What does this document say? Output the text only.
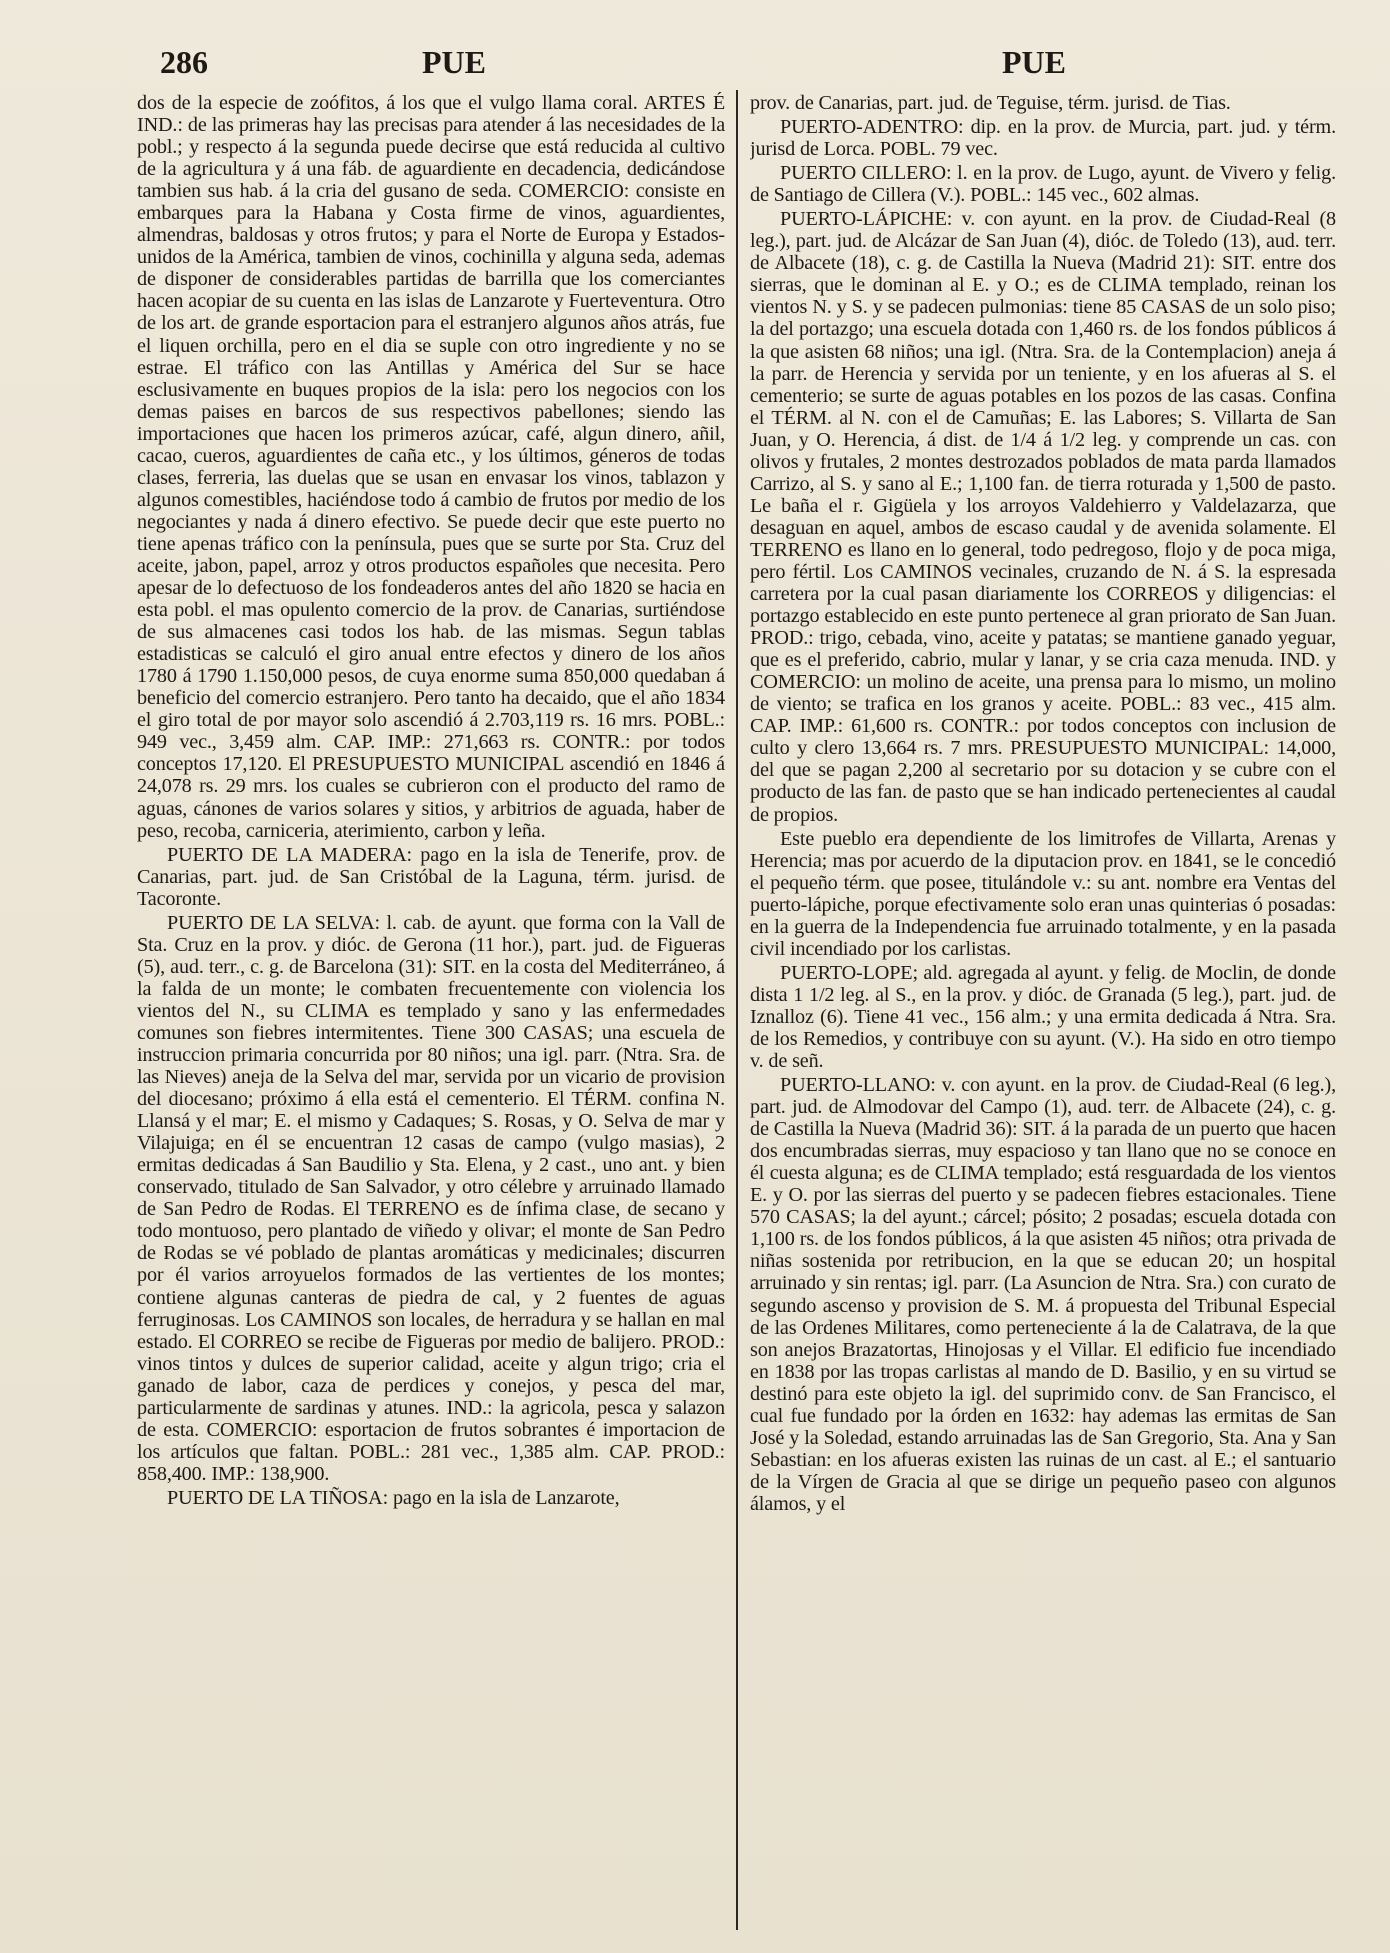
286	PUE	PUE

dos de la especie de zoófitos, á los que el vulgo llama coral. ARTES É IND.: de las primeras hay las precisas para atender á las necesidades de la pobl.; y respecto á la segunda puede decirse que está reducida al cultivo de la agricultura y á una fáb. de aguardiente en decadencia, dedicándose tambien sus hab. á la cria del gusano de seda. COMERCIO: consiste en embarques para la Habana y Costa firme de vinos, aguardientes, almendras, baldosas y otros frutos; y para el Norte de Europa y Estados-unidos de la América, tambien de vinos, cochinilla y alguna seda, ademas de disponer de considerables partidas de barrilla que los comerciantes hacen acopiar de su cuenta en las islas de Lanzarote y Fuerteventura. Otro de los art. de grande esportacion para el estranjero algunos años atrás, fue el liquen orchilla, pero en el dia se suple con otro ingrediente y no se estrae. El tráfico con las Antillas y América del Sur se hace esclusivamente en buques propios de la isla: pero los negocios con los demas paises en barcos de sus respectivos pabellones; siendo las importaciones que hacen los primeros azúcar, café, algun dinero, añil, cacao, cueros, aguardientes de caña etc., y los últimos, géneros de todas clases, ferreria, las duelas que se usan en envasar los vinos, tablazon y algunos comestibles, haciéndose todo á cambio de frutos por medio de los negociantes y nada á dinero efectivo. Se puede decir que este puerto no tiene apenas tráfico con la península, pues que se surte por Sta. Cruz del aceite, jabon, papel, arroz y otros productos españoles que necesita. Pero apesar de lo defectuoso de los fondeaderos antes del año 1820 se hacia en esta pobl. el mas opulento comercio de la prov. de Canarias, surtiéndose de sus almacenes casi todos los hab. de las mismas. Segun tablas estadisticas se calculó el giro anual entre efectos y dinero de los años 1780 á 1790 1.150,000 pesos, de cuya enorme suma 850,000 quedaban á beneficio del comercio estranjero. Pero tanto ha decaido, que el año 1834 el giro total de por mayor solo ascendió á 2.703,119 rs. 16 mrs. POBL.: 949 vec., 3,459 alm. CAP. IMP.: 271,663 rs. CONTR.: por todos conceptos 17,120. El PRESUPUESTO MUNICIPAL ascendió en 1846 á 24,078 rs. 29 mrs. los cuales se cubrieron con el producto del ramo de aguas, cánones de varios solares y sitios, y arbitrios de aguada, haber de peso, recoba, carniceria, aterimiento, carbon y leña.

PUERTO DE LA MADERA: pago en la isla de Tenerife, prov. de Canarias, part. jud. de San Cristóbal de la Laguna, térm. jurisd. de Tacoronte.

PUERTO DE LA SELVA: l. cab. de ayunt. que forma con la Vall de Sta. Cruz en la prov. y dióc. de Gerona (11 hor.), part. jud. de Figueras (5), aud. terr., c. g. de Barcelona (31): SIT. en la costa del Mediterráneo, á la falda de un monte; le combaten frecuentemente con violencia los vientos del N., su CLIMA es templado y sano y las enfermedades comunes son fiebres intermitentes. Tiene 300 CASAS; una escuela de instruccion primaria concurrida por 80 niños; una igl. parr. (Ntra. Sra. de las Nieves) aneja de la Selva del mar, servida por un vicario de provision del diocesano; próximo á ella está el cementerio. El TÉRM. confina N. Llansá y el mar; E. el mismo y Cadaques; S. Rosas, y O. Selva de mar y Vilajuiga; en él se encuentran 12 casas de campo (vulgo masias), 2 ermitas dedicadas á San Baudilio y Sta. Elena, y 2 cast., uno ant. y bien conservado, titulado de San Salvador, y otro célebre y arruinado llamado de San Pedro de Rodas. El TERRENO es de ínfima clase, de secano y todo montuoso, pero plantado de viñedo y olivar; el monte de San Pedro de Rodas se vé poblado de plantas aromáticas y medicinales; discurren por él varios arroyuelos formados de las vertientes de los montes; contiene algunas canteras de piedra de cal, y 2 fuentes de aguas ferruginosas. Los CAMINOS son locales, de herradura y se hallan en mal estado. El CORREO se recibe de Figueras por medio de balijero. PROD.: vinos tintos y dulces de superior calidad, aceite y algun trigo; cria el ganado de labor, caza de perdices y conejos, y pesca del mar, particularmente de sardinas y atunes. IND.: la agricola, pesca y salazon de esta. COMERCIO: esportacion de frutos sobrantes é importacion de los artículos que faltan. POBL.: 281 vec., 1,385 alm. CAP. PROD.: 858,400. IMP.: 138,900.

PUERTO DE LA TIÑOSA: pago en la isla de Lanzarote,

prov. de Canarias, part. jud. de Teguise, térm. jurisd. de Tias.

PUERTO-ADENTRO: dip. en la prov. de Murcia, part. jud. y térm. jurisd de Lorca. POBL. 79 vec.

PUERTO CILLERO: l. en la prov. de Lugo, ayunt. de Vivero y felig. de Santiago de Cillera (V.). POBL.: 145 vec., 602 almas.

PUERTO-LÁPICHE: v. con ayunt. en la prov. de Ciudad-Real (8 leg.), part. jud. de Alcázar de San Juan (4), dióc. de Toledo (13), aud. terr. de Albacete (18), c. g. de Castilla la Nueva (Madrid 21): SIT. entre dos sierras, que le dominan al E. y O.; es de CLIMA templado, reinan los vientos N. y S. y se padecen pulmonias: tiene 85 CASAS de un solo piso; la del portazgo; una escuela dotada con 1,460 rs. de los fondos públicos á la que asisten 68 niños; una igl. (Ntra. Sra. de la Contemplacion) aneja á la parr. de Herencia y servida por un teniente, y en los afueras al S. el cementerio; se surte de aguas potables en los pozos de las casas. Confina el TÉRM. al N. con el de Camuñas; E. las Labores; S. Villarta de San Juan, y O. Herencia, á dist. de 1/4 á 1/2 leg. y comprende un cas. con olivos y frutales, 2 montes destrozados poblados de mata parda llamados Carrizo, al S. y sano al E.; 1,100 fan. de tierra roturada y 1,500 de pasto. Le baña el r. Gigüela y los arroyos Valdehierro y Valdelazarza, que desaguan en aquel, ambos de escaso caudal y de avenida solamente. El TERRENO es llano en lo general, todo pedregoso, flojo y de poca miga, pero fértil. Los CAMINOS vecinales, cruzando de N. á S. la espresada carretera por la cual pasan diariamente los CORREOS y diligencias: el portazgo establecido en este punto pertenece al gran priorato de San Juan. PROD.: trigo, cebada, vino, aceite y patatas; se mantiene ganado yeguar, que es el preferido, cabrio, mular y lanar, y se cria caza menuda. IND. y COMERCIO: un molino de aceite, una prensa para lo mismo, un molino de viento; se trafica en los granos y aceite. POBL.: 83 vec., 415 alm. CAP. IMP.: 61,600 rs. CONTR.: por todos conceptos con inclusion de culto y clero 13,664 rs. 7 mrs. PRESUPUESTO MUNICIPAL: 14,000, del que se pagan 2,200 al secretario por su dotacion y se cubre con el producto de las fan. de pasto que se han indicado pertenecientes al caudal de propios.

Este pueblo era dependiente de los limitrofes de Villarta, Arenas y Herencia; mas por acuerdo de la diputacion prov. en 1841, se le concedió el pequeño térm. que posee, titulándole v.: su ant. nombre era Ventas del puerto-lápiche, porque efectivamente solo eran unas quinterias ó posadas: en la guerra de la Independencia fue arruinado totalmente, y en la pasada civil incendiado por los carlistas.

PUERTO-LOPE; ald. agregada al ayunt. y felig. de Moclin, de donde dista 1 1/2 leg. al S., en la prov. y dióc. de Granada (5 leg.), part. jud. de Iznalloz (6). Tiene 41 vec., 156 alm.; y una ermita dedicada á Ntra. Sra. de los Remedios, y contribuye con su ayunt. (V.). Ha sido en otro tiempo v. de señ.

PUERTO-LLANO: v. con ayunt. en la prov. de Ciudad-Real (6 leg.), part. jud. de Almodovar del Campo (1), aud. terr. de Albacete (24), c. g. de Castilla la Nueva (Madrid 36): SIT. á la parada de un puerto que hacen dos encumbradas sierras, muy espacioso y tan llano que no se conoce en él cuesta alguna; es de CLIMA templado; está resguardada de los vientos E. y O. por las sierras del puerto y se padecen fiebres estacionales. Tiene 570 CASAS; la del ayunt.; cárcel; pósito; 2 posadas; escuela dotada con 1,100 rs. de los fondos públicos, á la que asisten 45 niños; otra privada de niñas sostenida por retribucion, en la que se educan 20; un hospital arruinado y sin rentas; igl. parr. (La Asuncion de Ntra. Sra.) con curato de segundo ascenso y provision de S. M. á propuesta del Tribunal Especial de las Ordenes Militares, como perteneciente á la de Calatrava, de la que son anejos Brazatortas, Hinojosas y el Villar. El edificio fue incendiado en 1838 por las tropas carlistas al mando de D. Basilio, y en su virtud se destinó para este objeto la igl. del suprimido conv. de San Francisco, el cual fue fundado por la órden en 1632: hay ademas las ermitas de San José y la Soledad, estando arruinadas las de San Gregorio, Sta. Ana y San Sebastian: en los afueras existen las ruinas de un cast. al E.; el santuario de la Vírgen de Gracia al que se dirige un pequeño paseo con algunos álamos, y el
